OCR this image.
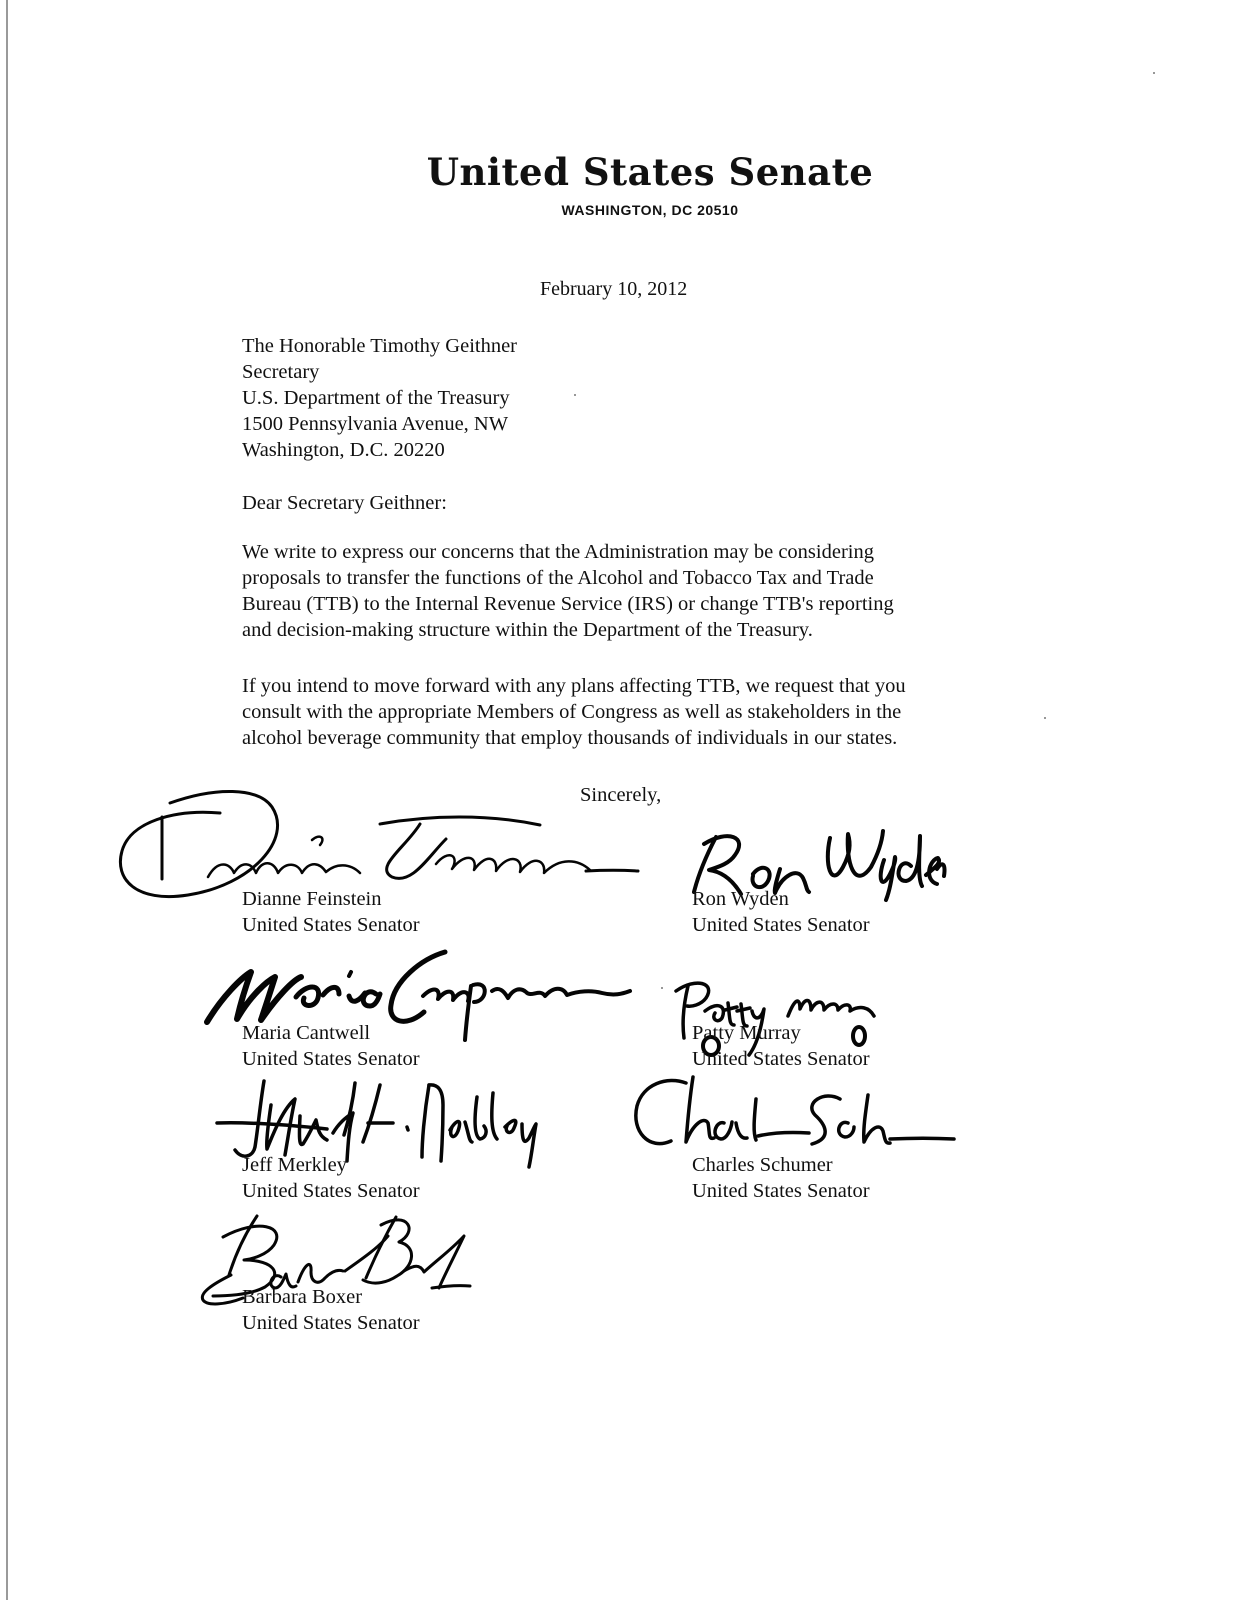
United States Senate
WASHINGTON, DC 20510
February 10, 2012
The Honorable Timothy Geithner
Secretary
U.S. Department of the Treasury
1500 Pennsylvania Avenue, NW
Washington, D.C. 20220
Dear Secretary Geithner:
We write to express our concerns that the Administration may be considering
proposals to transfer the functions of the Alcohol and Tobacco Tax and Trade
Bureau (TTB) to the Internal Revenue Service (IRS) or change TTB's reporting
and decision-making structure within the Department of the Treasury.
If you intend to move forward with any plans affecting TTB, we request that you
consult with the appropriate Members of Congress as well as stakeholders in the
alcohol beverage community that employ thousands of individuals in our states.
Sincerely,
Dianne Feinstein
United States Senator
Ron Wyden
United States Senator
Maria Cantwell
United States Senator
Patty Murray
United States Senator
Jeff Merkley
United States Senator
Charles Schumer
United States Senator
Barbara Boxer
United States Senator
